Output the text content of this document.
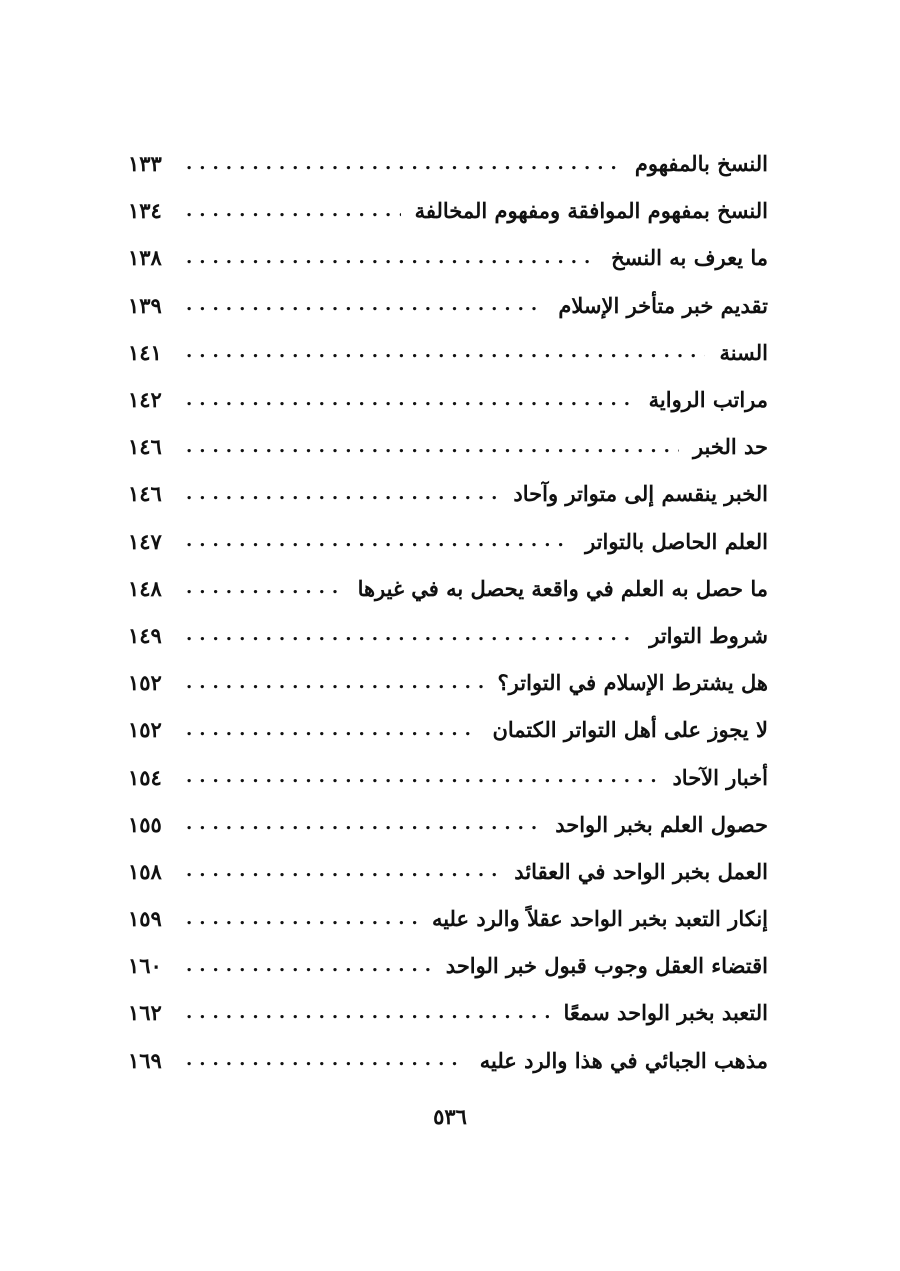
النسخ بالمفهوم
.....
١٣٣
النسخ بمفهوم الموافقة ومفهوم المخالفة
.....
١٣٤
ما يعرف به النسخ
.....
١٣٨
تقديم خبر متأخر الإسلام
.....
١٣٩
السنة
.....
١٤١
مراتب الرواية
.....
١٤٢
حد الخبر
.....
١٤٦
الخبر ينقسم إلى متواتر وآحاد
.....
١٤٦
العلم الحاصل بالتواتر
.....
١٤٧
ما حصل به العلم في واقعة يحصل به في غيرها
.....
١٤٨
شروط التواتر
.....
١٤٩
هل يشترط الإسلام في التواتر؟
.....
١٥٢
لا يجوز على أهل التواتر الكتمان
.....
١٥٢
أخبار الآحاد
.....
١٥٤
حصول العلم بخبر الواحد
.....
١٥٥
العمل بخبر الواحد في العقائد
.....
١٥٨
إنكار التعبد بخبر الواحد عقلاً والرد عليه
.....
١٥٩
اقتضاء العقل وجوب قبول خبر الواحد
.....
١٦٠
التعبد بخبر الواحد سمعًا
.....
١٦٢
مذهب الجبائي في هذا والرد عليه
.....
١٦٩
٥٣٦
